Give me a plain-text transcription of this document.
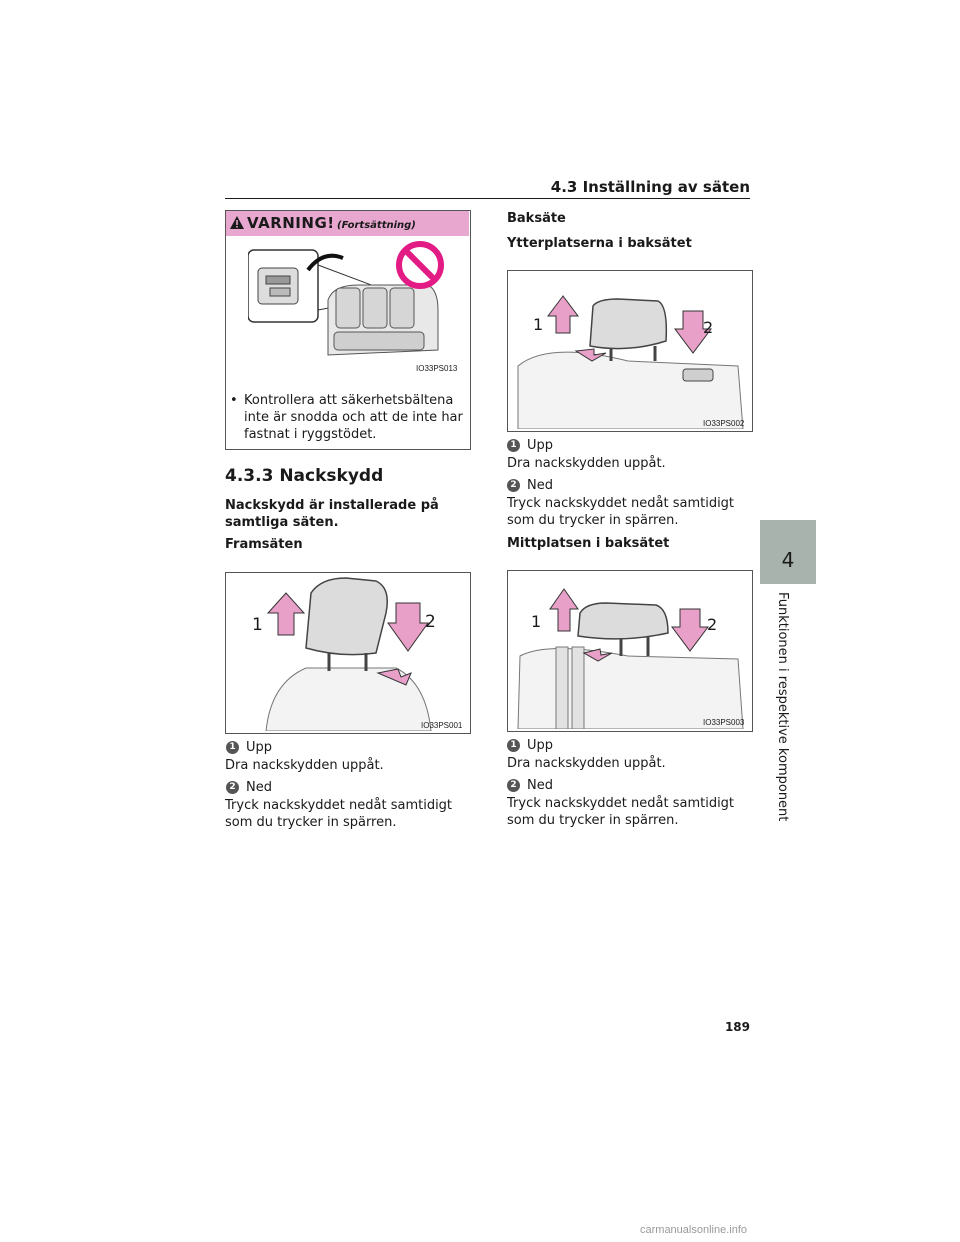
4.3 Inställning av säten
VARNING! (Fortsättning)
IO33PS013
• Kontrollera att säkerhetsbältena inte är snodda och att de inte har fastnat i ryggstödet.
4.3.3 Nackskydd
Nackskydd är installerade på samtliga säten.
Framsäten
1	2
IO33PS001
1 Upp
Dra nackskydden uppåt.
2 Ned
Tryck nackskyddet nedåt samtidigt som du trycker in spärren.
Baksäte
Ytterplatserna i baksätet
1	2
IO33PS002
1 Upp
Dra nackskydden uppåt.
2 Ned
Tryck nackskyddet nedåt samtidigt som du trycker in spärren.
Mittplatsen i baksätet
1	2
IO33PS003
1 Upp
Dra nackskydden uppåt.
2 Ned
Tryck nackskyddet nedåt samtidigt som du trycker in spärren.
4
Funktionen i respektive komponent
189
carmanualsonline.info
